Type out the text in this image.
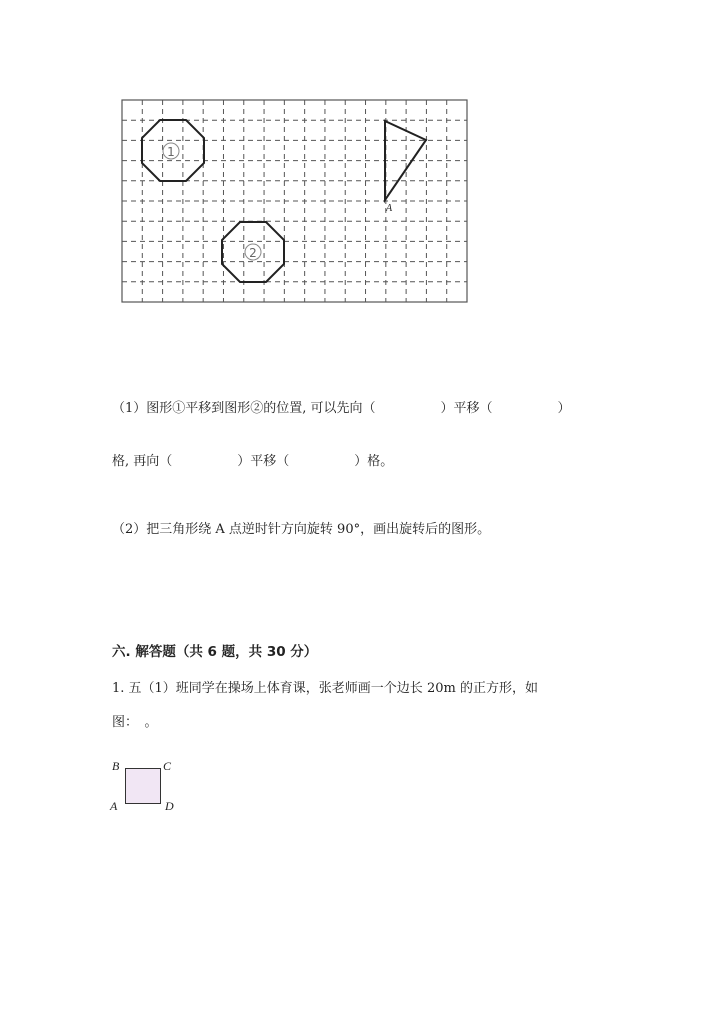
1
2
A
（1）图形①平移到图形②的位置, 可以先向（　　　　　）平移（　　　　　）
格, 再向（　　　　　）平移（　　　　　）格。
（2）把三角形绕 A 点逆时针方向旋转 90°，画出旋转后的图形。
六. 解答题（共 6 题，共 30 分）
1. 五（1）班同学在操场上体育课，张老师画一个边长 20m 的正方形，如
图：　。
B	C
A	D
